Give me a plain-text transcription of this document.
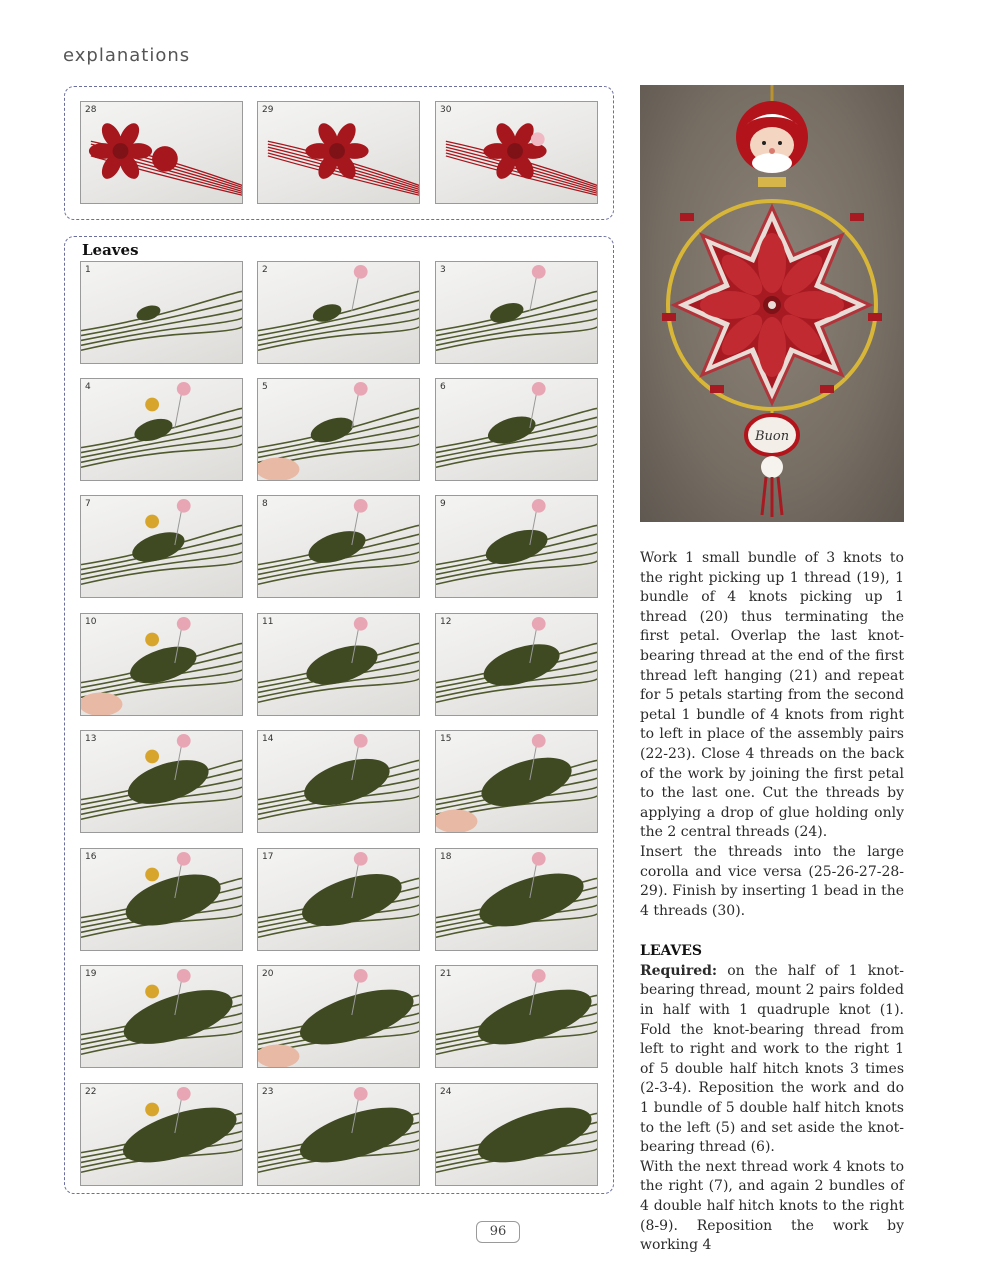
explanations
28	29	30
Leaves
1	2	3
4	5	6
7	8	9
10	11	12
13	14	15
16	17	18
19	20	21
22	23	24
Buon

Work 1 small bundle of 3 knots to the right picking up 1 thread (19), 1 bundle of 4 knots picking up 1 thread (20) thus terminating the first petal. Overlap the last knot-bearing thread at the end of the first thread left hanging (21) and repeat for 5 petals starting from the second petal 1 bundle of 4 knots from right to left in place of the assembly pairs (22-23). Close 4 threads on the back of the work by joining the first petal to the last one. Cut the threads by applying a drop of glue holding only the 2 central threads (24).

Insert the threads into the large corolla and vice versa (25-26-27-28-29). Finish by inserting 1 bead in the 4 threads (30).

LEAVES

Required: on the half of 1 knot-bearing thread, mount 2 pairs folded in half with 1 quadruple knot (1). Fold the knot-bearing thread from left to right and work to the right 1 of 5 double half hitch knots 3 times (2-3-4). Reposition the work and do 1 bundle of 5 double half hitch knots to the left (5) and set aside the knot-bearing thread (6).

With the next thread work 4 knots to the right (7), and again 2 bundles of 4 double half hitch knots to the right (8-9). Reposition the work by working 4

96
